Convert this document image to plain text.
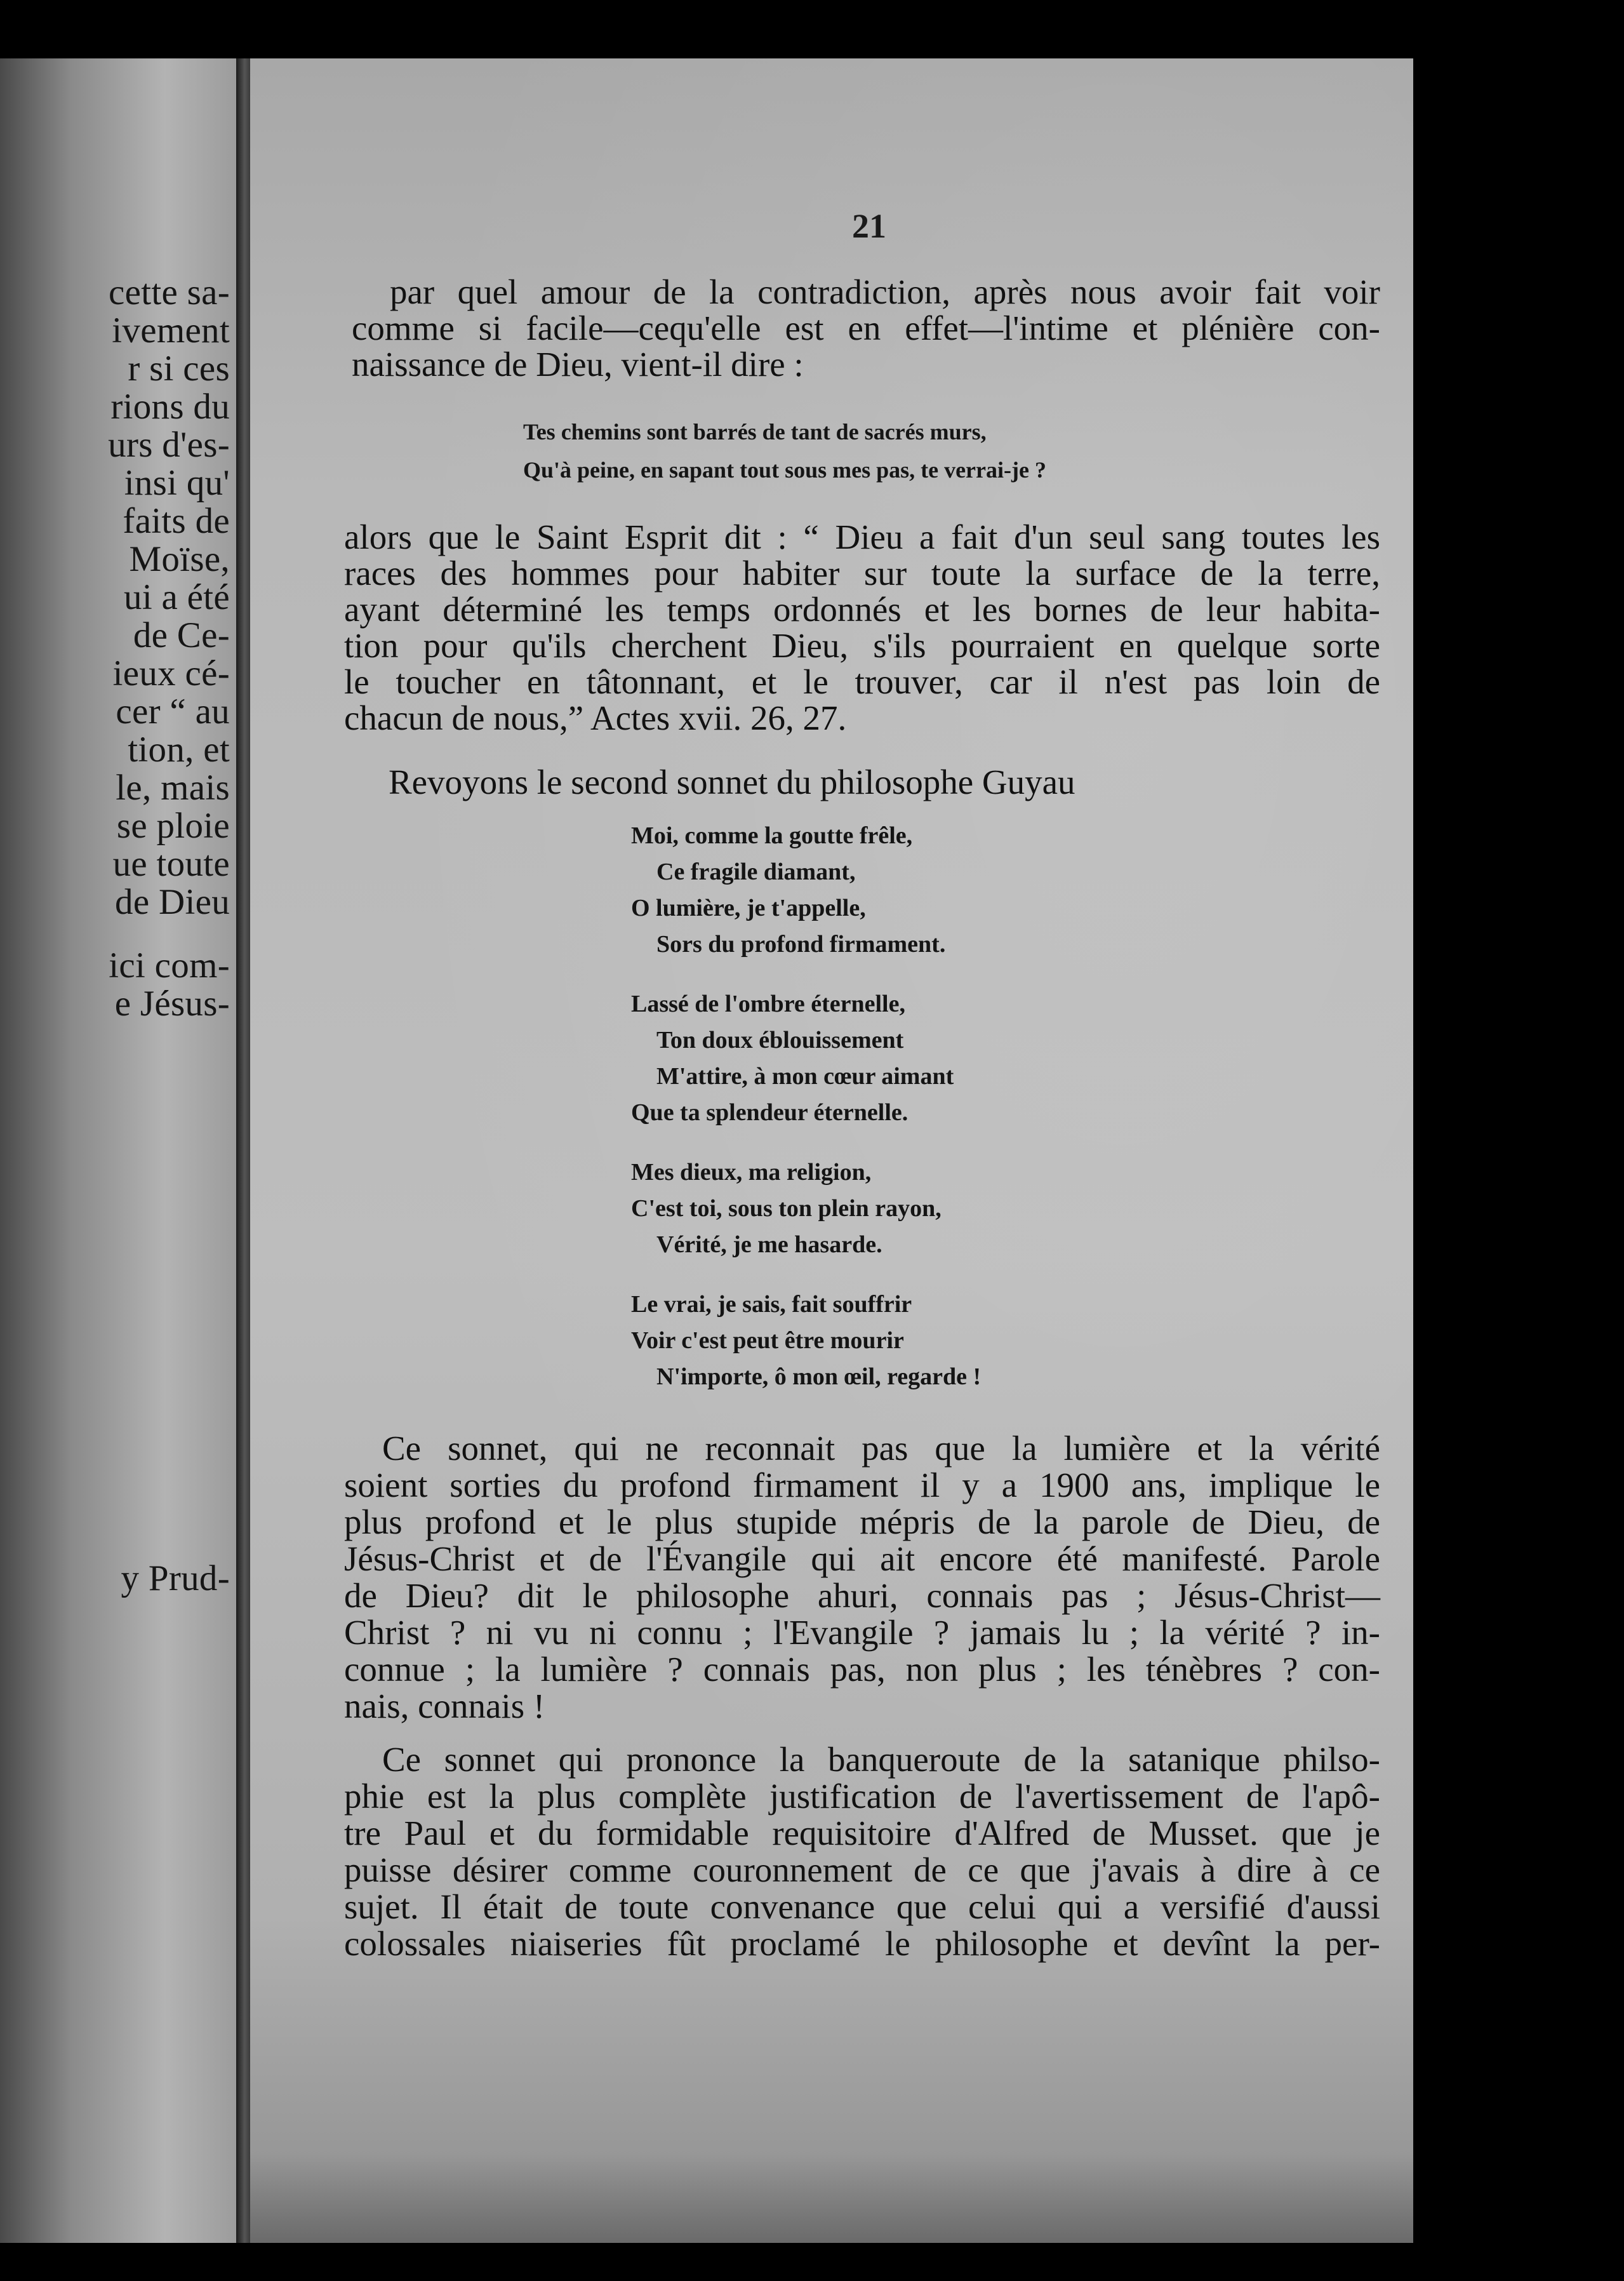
cette sa-
ivement
r si ces
rions du
urs d'es-
insi qu'
faits de
Moïse,
ui a été
de Ce-
ieux cé-
cer “ au
tion, et
le, mais
se ploie
ue toute
de Dieu
ici com-
e Jésus-
y Prud-
21
par quel amour de la contradiction, après nous avoir fait voir
comme si facile—cequ'elle est en effet—l'intime et plénière con-
naissance de Dieu, vient-il dire :
Tes chemins sont barrés de tant de sacrés murs,
Qu'à peine, en sapant tout sous mes pas, te verrai-je ?
alors que le Saint Esprit dit : “ Dieu a fait d'un seul sang toutes les
races des hommes pour habiter sur toute la surface de la terre,
ayant déterminé les temps ordonnés et les bornes de leur habita-
tion pour qu'ils cherchent Dieu, s'ils pourraient en quelque sorte
le toucher en tâtonnant, et le trouver, car il n'est pas loin de
chacun de nous,” Actes xvii. 26, 27.
Revoyons le second sonnet du philosophe Guyau
Moi, comme la goutte frêle,
Ce fragile diamant,
O lumière, je t'appelle,
Sors du profond firmament.
Lassé de l'ombre éternelle,
Ton doux éblouissement
M'attire, à mon cœur aimant
Que ta splendeur éternelle.
Mes dieux, ma religion,
C'est toi, sous ton plein rayon,
Vérité, je me hasarde.
Le vrai, je sais, fait souffrir
Voir c'est peut être mourir
N'importe, ô mon œil, regarde !
Ce sonnet, qui ne reconnait pas que la lumière et la vérité
soient sorties du profond firmament il y a 1900 ans, implique le
plus profond et le plus stupide mépris de la parole de Dieu, de
Jésus-Christ et de l'Évangile qui ait encore été manifesté. Parole
de Dieu? dit le philosophe ahuri, connais pas ; Jésus-Christ—
Christ ? ni vu ni connu ; l'Evangile ? jamais lu ; la vérité ? in-
connue ; la lumière ? connais pas, non plus ; les ténèbres ? con-
nais, connais !
Ce sonnet qui prononce la banqueroute de la satanique philso-
phie est la plus complète justification de l'avertissement de l'apô-
tre Paul et du formidable requisitoire d'Alfred de Musset. que je
puisse désirer comme couronnement de ce que j'avais à dire à ce
sujet. Il était de toute convenance que celui qui a versifié d'aussi
colossales niaiseries fût proclamé le philosophe et devînt la per-
